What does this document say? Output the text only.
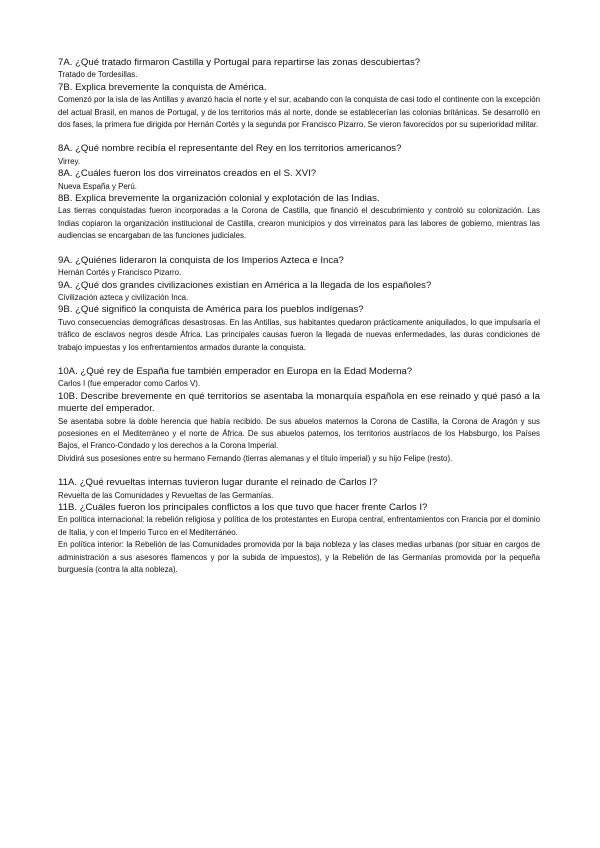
7A. ¿Qué tratado firmaron Castilla y Portugal para repartirse las zonas descubiertas?

Tratado de Tordesillas.

7B. Explica brevemente la conquista de América.

Comenzó por la isla de las Antillas y avanzó hacia el norte y el sur, acabando con la conquista de casi todo el continente con la excepción del actual Brasil, en manos de Portugal, y de los territorios más al norte, donde se establecerían las colonias británicas. Se desarrolló en dos fases, la primera fue dirigida por Hernán Cortés y la segunda por Francisco Pizarro. Se vieron favorecidos por su superioridad militar.

8A. ¿Qué nombre recibía el representante del Rey en los territorios americanos?

Virrey.

8A. ¿Cuáles fueron los dos virreinatos creados en el S. XVI?

Nueva España y Perú.

8B. Explica brevemente la organización colonial y explotación de las Indias.

Las tierras conquistadas fueron incorporadas a la Corona de Castilla, que financió el descubrimiento y controló su colonización. Las Indias copiaron la organización institucional de Castilla, crearon municipios y dos virreinatos para las labores de gobierno, mientras las audiencias se encargaban de las funciones judiciales.

9A. ¿Quiénes lideraron la conquista de los Imperios Azteca e Inca?

Hernán Cortés y Francisco Pizarro.

9A. ¿Qué dos grandes civilizaciones existían en América a la llegada de los españoles?

Civilización azteca y civilización Inca.

9B. ¿Qué significó la conquista de América para los pueblos indígenas?

Tuvo consecuencias demográficas desastrosas. En las Antillas, sus habitantes quedaron prácticamente aniquilados, lo que impulsaría el tráfico de esclavos negros desde África. Las principales causas fueron la llegada de nuevas enfermedades, las duras condiciones de trabajo impuestas y los enfrentamientos armados durante la conquista.

10A. ¿Qué rey de España fue también emperador en Europa en la Edad Moderna?

Carlos I (fue emperador como Carlos V).

10B. Describe brevemente en qué territorios se asentaba la monarquía española en ese reinado y qué pasó a la muerte del emperador.

Se asentaba sobre la doble herencia que había recibido. De sus abuelos maternos la Corona de Castilla, la Corona de Aragón y sus posesiones en el Mediterráneo y el norte de África. De sus abuelos paternos, los territorios austríacos de los Habsburgo, los Países Bajos, el Franco-Condado y los derechos a la Corona Imperial.

Dividirá sus posesiones entre su hermano Fernando (tierras alemanas y el título imperial) y su hijo Felipe (resto).

11A. ¿Qué revueltas internas tuvieron lugar durante el reinado de Carlos I?

Revuelta de las Comunidades y Revueltas de las Germanías.

11B. ¿Cuáles fueron los principales conflictos a los que tuvo que hacer frente Carlos I?

En política internacional: la rebelión religiosa y política de los protestantes en Europa central, enfrentamientos con Francia por el dominio de Italia, y con el Imperio Turco en el Mediterráneo.

En política interior: la Rebelión de las Comunidades promovida por la baja nobleza y las clases medias urbanas (por situar en cargos de administración a sus asesores flamencos y por la subida de impuestos), y la Rebelión de las Germanías promovida por la pequeña burguesía (contra la alta nobleza).
